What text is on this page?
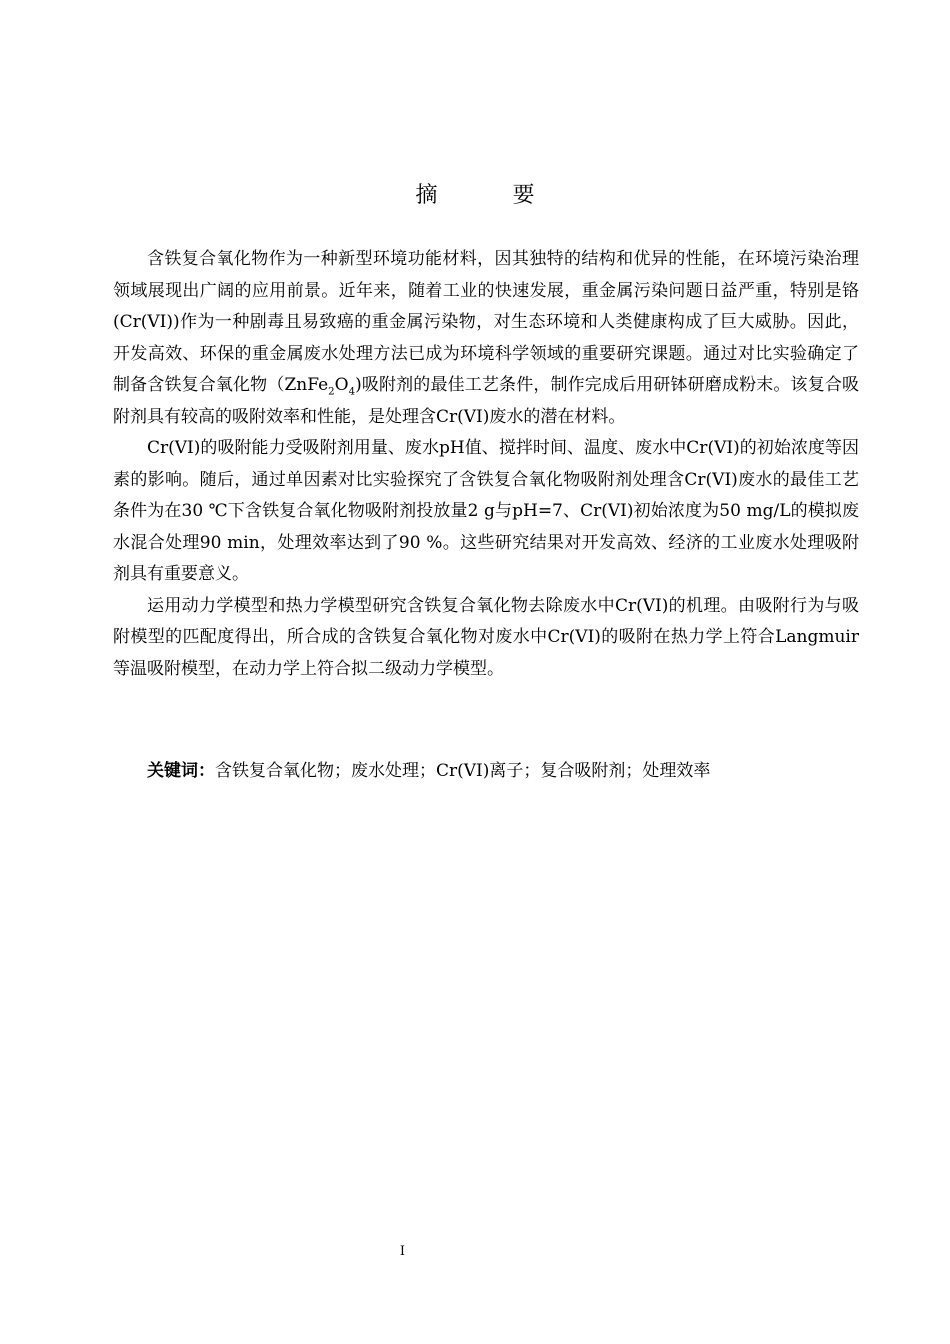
摘 要

含铁复合氧化物作为一种新型环境功能材料，因其独特的结构和优异的性能，在环境污染治理领域展现出广阔的应用前景。近年来，随着工业的快速发展，重金属污染问题日益严重，特别是铬(Cr(VI))作为一种剧毒且易致癌的重金属污染物，对生态环境和人类健康构成了巨大威胁。因此，开发高效、环保的重金属废水处理方法已成为环境科学领域的重要研究课题。通过对比实验确定了制备含铁复合氧化物$(ZnFe_2O_4)$吸附剂的最佳工艺条件，制作完成后用研钵研磨成粉末。该复合吸附剂具有较高的吸附效率和性能，是处理含Cr(VI)废水的潜在材料。

Cr(VI)的吸附能力受吸附剂用量、废水pH值、搅拌时间、温度、废水中Cr(VI)的初始浓度等因素的影响。随后，通过单因素对比实验探究了含铁复合氧化物吸附剂处理含Cr(VI)废水的最佳工艺条件为在30 ℃下含铁复合氧化物吸附剂投放量2 g与pH=7、Cr(VI)初始浓度为50 mg/L的模拟废水混合处理90 min，处理效率达到了90 %。这些研究结果对开发高效、经济的工业废水处理吸附剂具有重要意义。

运用动力学模型和热力学模型研究含铁复合氧化物去除废水中Cr(VI)的机理。由吸附行为与吸附模型的匹配度得出，所合成的含铁复合氧化物对废水中Cr(VI)的吸附在热力学上符合Langmuir等温吸附模型，在动力学上符合拟二级动力学模型。

关键词：含铁复合氧化物；废水处理；Cr(VI)离子；复合吸附剂；处理效率
I
